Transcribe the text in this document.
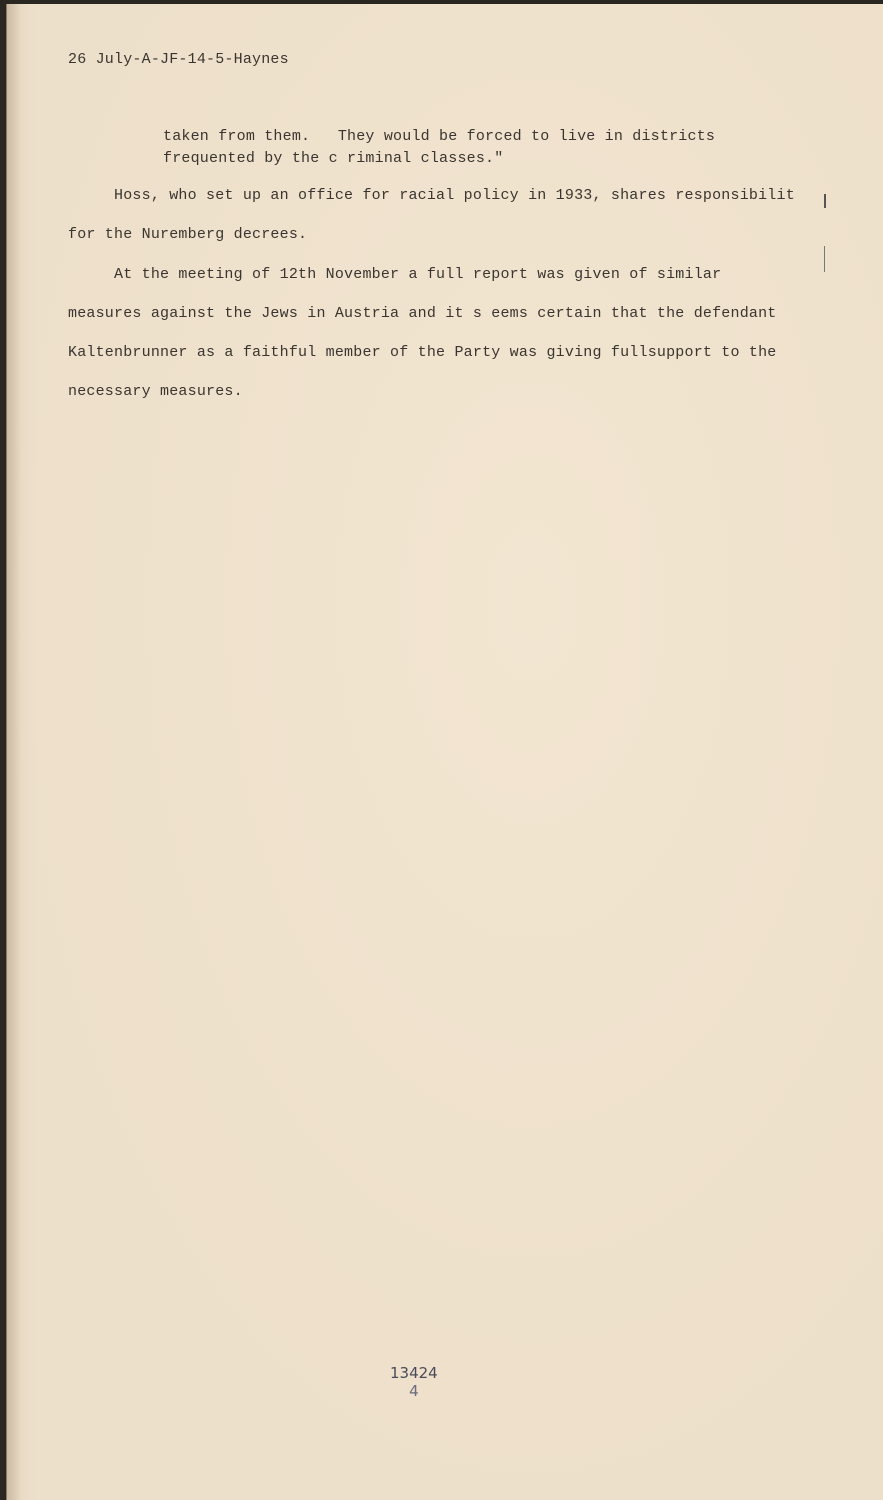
26 July-A-JF-14-5-Haynes
taken from them.   They would be forced to live in districts
frequented by the c riminal classes."
Hoss, who set up an office for racial policy in 1933, shares responsibilit
for the Nuremberg decrees.
At the meeting of 12th November a full report was given of similar
measures against the Jews in Austria and it s eems certain that the defendant
Kaltenbrunner as a faithful member of the Party was giving fullsupport to the
necessary measures.
13424
4
